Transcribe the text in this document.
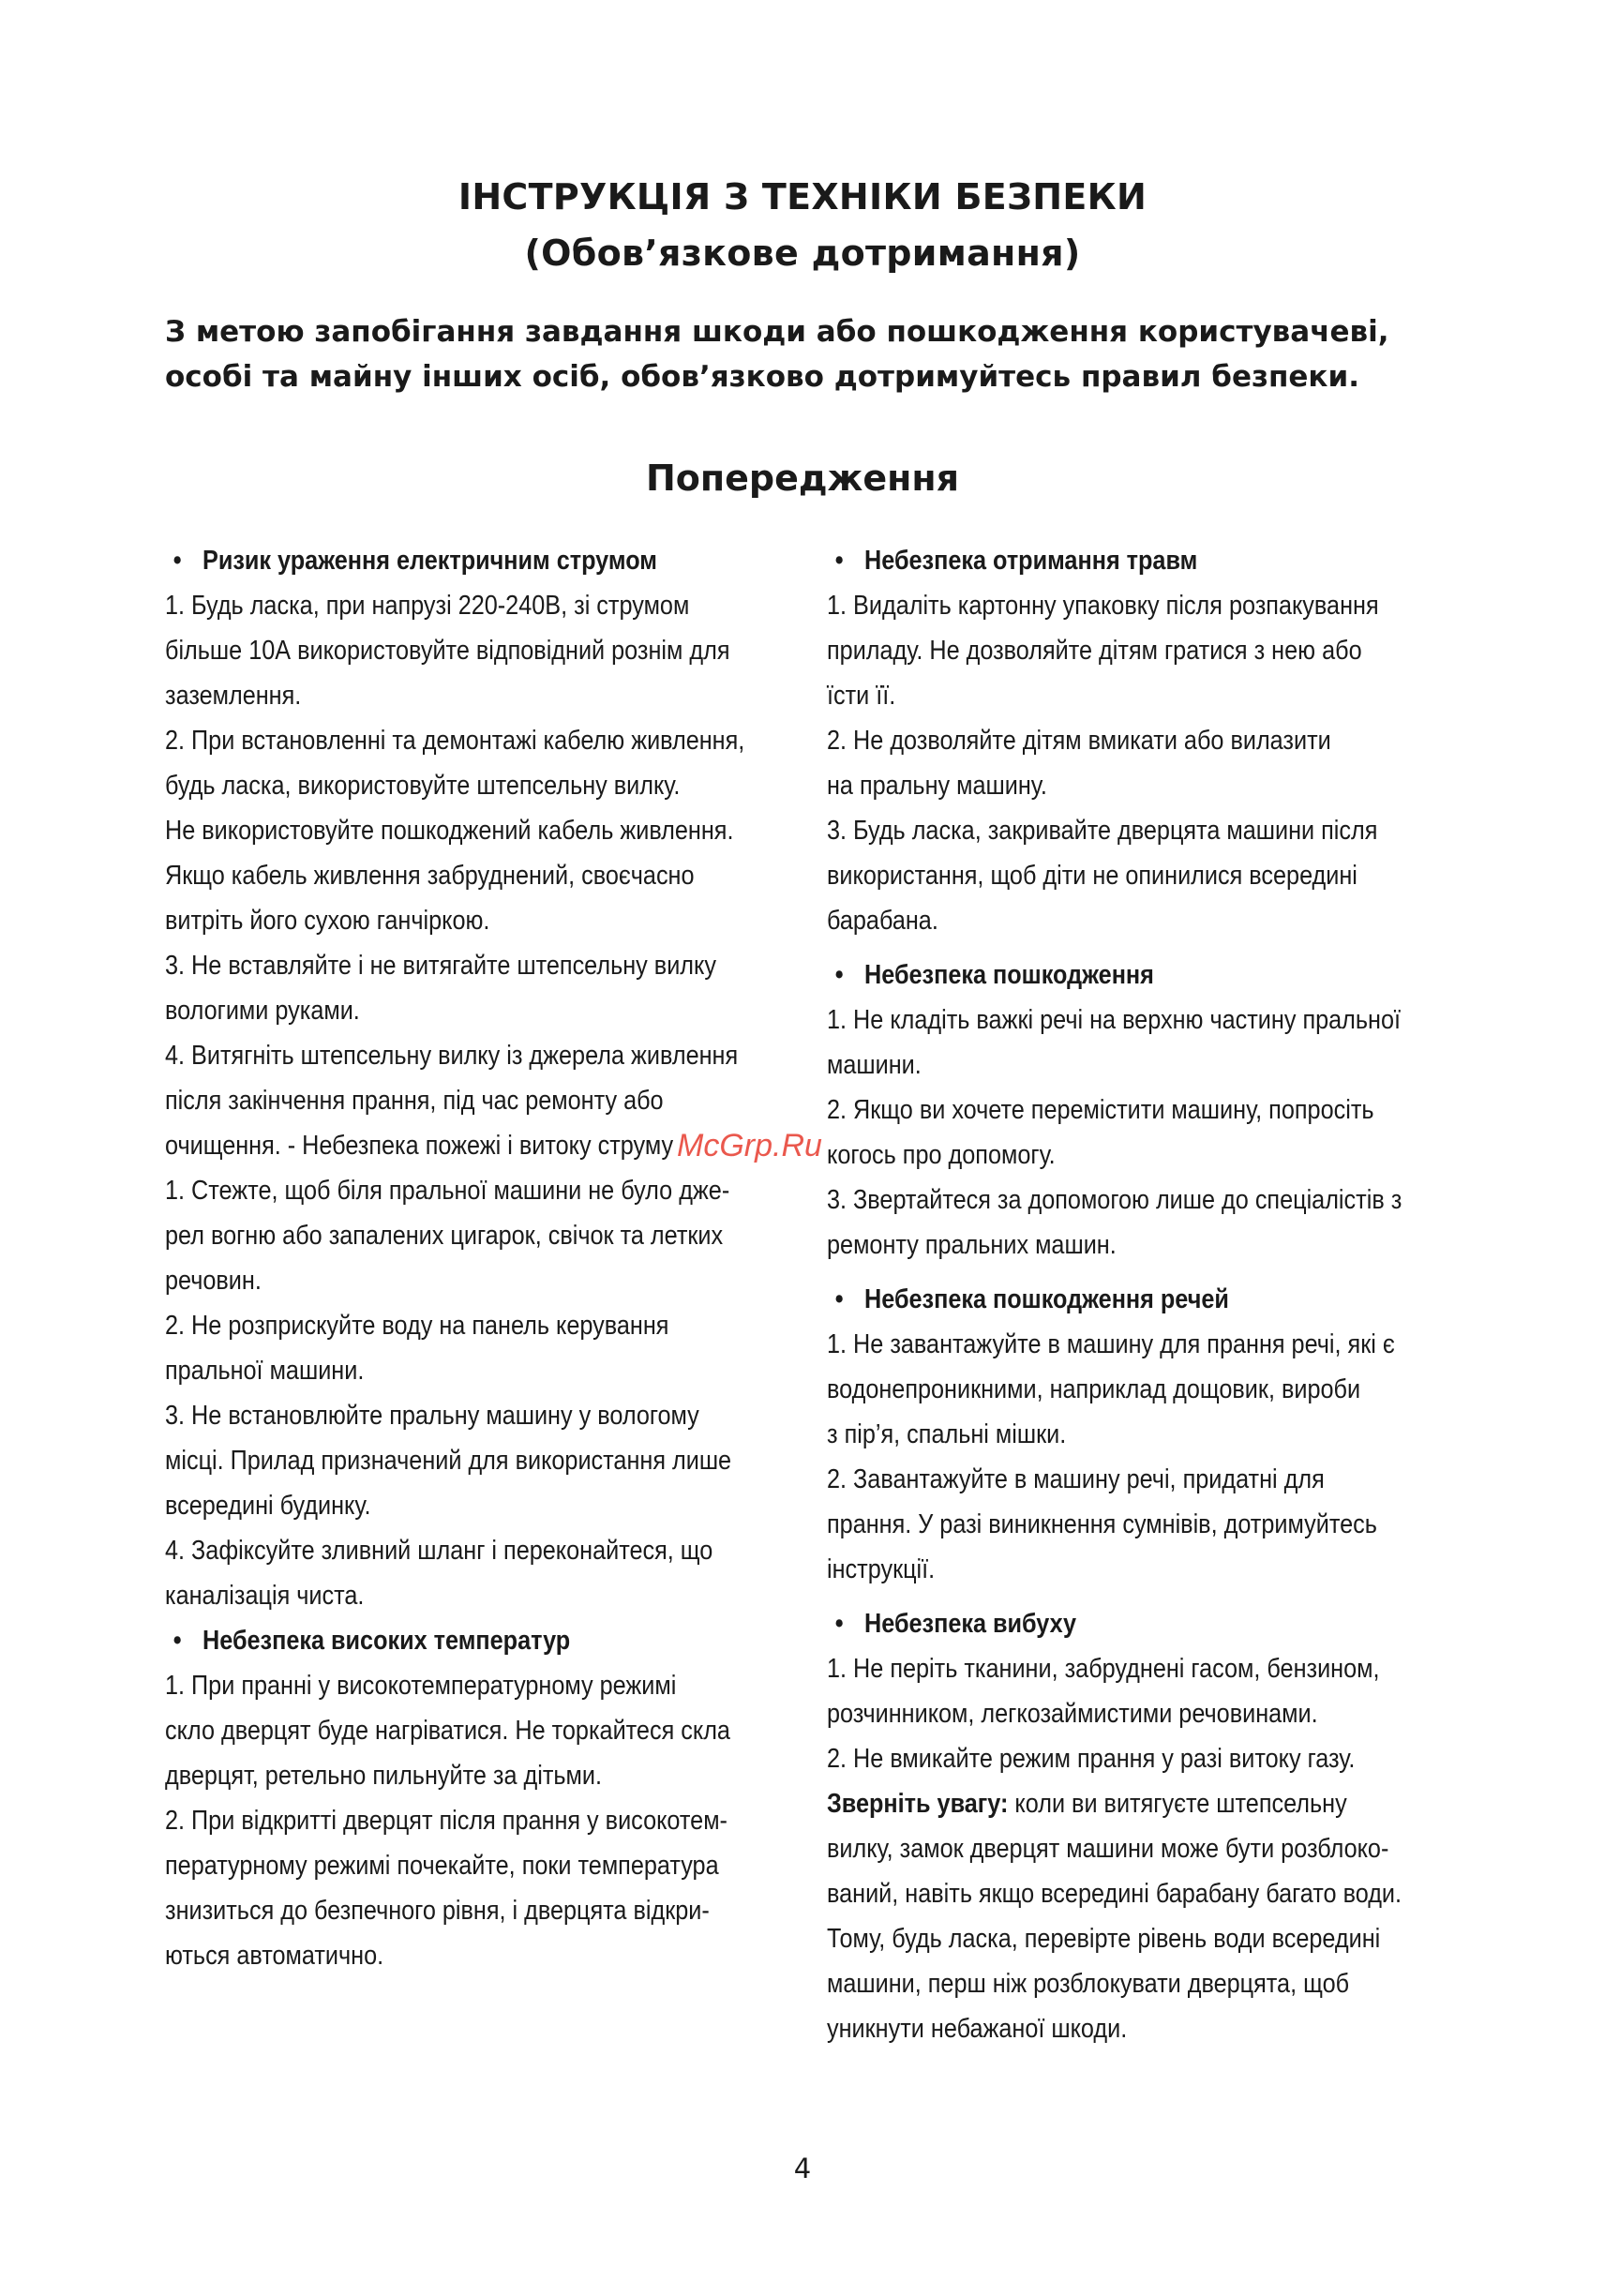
ІНСТРУКЦІЯ З ТЕХНІКИ БЕЗПЕКИ
(Обов’язкове дотримання)
З метою запобігання завдання шкоди або пошкодження користувачеві,
особі та майну інших осіб, обов’язково дотримуйтесь правил безпеки.
Попередження
• Ризик ураження електричним струмом
1. Будь ласка, при напрузі 220-240В, зі струмом
більше 10А використовуйте відповідний рознім для
заземлення.
2. При встановленні та демонтажі кабелю живлення,
будь ласка, використовуйте штепсельну вилку.
Не використовуйте пошкоджений кабель живлення.
Якщо кабель живлення забруднений, своєчасно
витріть його сухою ганчіркою.
3. Не вставляйте і не витягайте штепсельну вилку
вологими руками.
4. Витягніть штепсельну вилку із джерела живлення
після закінчення прання, під час ремонту або
очищення. - Небезпека пожежі і витоку струму
1. Стежте, щоб біля пральної машини не було дже-
рел вогню або запалених цигарок, свічок та летких
речовин.
2. Не розприскуйте воду на панель керування
пральної машини.
3. Не встановлюйте пральну машину у вологому
місці. Прилад призначений для використання лише
всередині будинку.
4. Зафіксуйте зливний шланг і переконайтеся, що
каналізація чиста.
• Небезпека високих температур
1. При пранні у високотемпературному режимі
скло дверцят буде нагріватися. Не торкайтеся скла
дверцят, ретельно пильнуйте за дітьми.
2. При відкритті дверцят після прання у високотем-
пературному режимі почекайте, поки температура
знизиться до безпечного рівня, і дверцята відкри-
ються автоматично.
• Небезпека отримання травм
1. Видаліть картонну упаковку після розпакування
приладу. Не дозволяйте дітям гратися з нею або
їсти її.
2. Не дозволяйте дітям вмикати або вилазити
на пральну машину.
3. Будь ласка, закривайте дверцята машини після
використання, щоб діти не опинилися всередині
барабана.
• Небезпека пошкодження
1. Не кладіть важкі речі на верхню частину пральної
машини.
2. Якщо ви хочете перемістити машину, попросіть
когось про допомогу.
3. Звертайтеся за допомогою лише до спеціалістів з
ремонту пральних машин.
• Небезпека пошкодження речей
1. Не завантажуйте в машину для прання речі, які є
водонепроникними, наприклад дощовик, вироби
з пір’я, спальні мішки.
2. Завантажуйте в машину речі, придатні для
прання. У разі виникнення сумнівів, дотримуйтесь
інструкції.
• Небезпека вибуху
1. Не періть тканини, забруднені гасом, бензином,
розчинником, легкозаймистими речовинами.
2. Не вмикайте режим прання у разі витоку газу.
Зверніть увагу: коли ви витягуєте штепсельну
вилку, замок дверцят машини може бути розблоко-
ваний, навіть якщо всередині барабану багато води.
Тому, будь ласка, перевірте рівень води всередині
машини, перш ніж розблокувати дверцята, щоб
уникнути небажаної шкоди.
McGrp.Ru
4
